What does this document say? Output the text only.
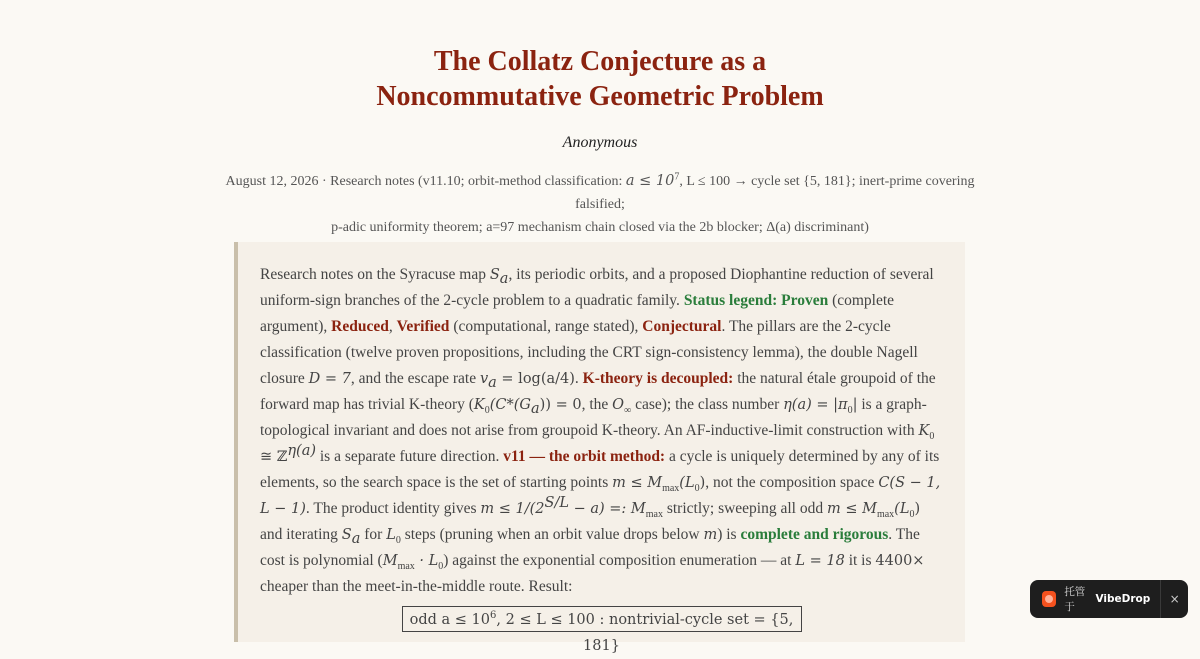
The Collatz Conjecture as a
Noncommutative Geometric Problem
Anonymous
August 12, 2026 · Research notes (v11.10; orbit-method classification: $a \le 10^7$, L ≤ 100 → cycle set {5, 181}; inert-prime covering falsified;
p-adic uniformity theorem; a=97 mechanism chain closed via the 2b blocker; Δ(a) discriminant)

Research notes on the Syracuse map $S_a$, its periodic orbits, and a proposed Diophantine reduction of several uniform-sign branches of the 2-cycle problem to a quadratic family. Status legend: Proven (complete argument), Reduced, Verified (computational, range stated), Conjectural. The pillars are the 2-cycle classification (twelve proven propositions, including the CRT sign-consistency lemma), the double Nagell closure D = 7, and the escape rate $v_a = \log(a/4)$. K-theory is decoupled: the natural étale groupoid of the forward map has trivial K-theory ($K_0(C*(G_a)) = 0$, the $O_\infty$ case); the class number $\eta(a) = |\pi_0|$ is a graph-topological invariant and does not arise from groupoid K-theory. An AF-inductive-limit construction with $K_0$ ≅ ℤ$^{\eta(a)}$ is a separate future direction. v11 — the orbit method: a cycle is uniquely determined by any of its elements, so the search space is the set of starting points $m \le M_{max}(L_0)$, not the composition space C(S − 1, L − 1). The product identity gives $m \le 1/(2^{S/L} - a)$ =: $M_{max}$ strictly; sweeping all odd $m \le M_{max}(L_0)$ and iterating $S_a$ for $L_0$ steps (pruning when an orbit value drops below m) is complete and rigorous. The cost is polynomial $(M_{max} \cdot L_0)$ against the exponential composition enumeration — at L = 18 it is 4400× cheaper than the meet-in-the-middle route. Result:

odd $a \le 10^6$, 2 ≤ L ≤ 100 : nontrivial-cycle set = {5, 181}
托管于
VibeDrop	×
